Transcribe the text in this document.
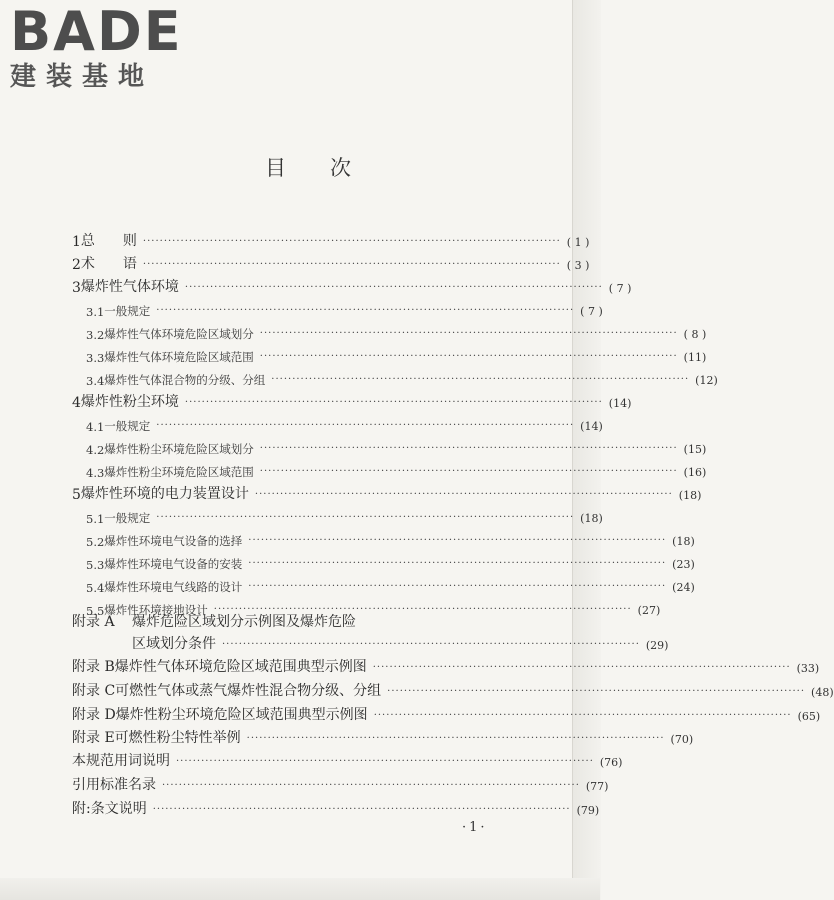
BADE
建装基地
目次
1 总　　则 ···································································································· ( 1 )
2 术　　语 ···································································································· ( 3 )
3 爆炸性气体环境 ···································································································· ( 7 )
3.1 一般规定 ···································································································· ( 7 )
3.2 爆炸性气体环境危险区域划分 ···································································································· ( 8 )
3.3 爆炸性气体环境危险区域范围 ···································································································· (11)
3.4 爆炸性气体混合物的分级、分组 ···································································································· (12)
4 爆炸性粉尘环境 ···································································································· (14)
4.1 一般规定 ···································································································· (14)
4.2 爆炸性粉尘环境危险区域划分 ···································································································· (15)
4.3 爆炸性粉尘环境危险区域范围 ···································································································· (16)
5 爆炸性环境的电力装置设计 ···································································································· (18)
5.1 一般规定 ···································································································· (18)
5.2 爆炸性环境电气设备的选择 ···································································································· (18)
5.3 爆炸性环境电气设备的安装 ···································································································· (23)
5.4 爆炸性环境电气线路的设计 ···································································································· (24)
5.5 爆炸性环境接地设计 ···································································································· (27)
附录 A	爆炸危险区域划分示例图及爆炸危险
区域划分条件 ···································································································· (29)
附录 B 爆炸性气体环境危险区域范围典型示例图 ···································································································· (33)
附录 C 可燃性气体或蒸气爆炸性混合物分级、分组 ···································································································· (48)
附录 D 爆炸性粉尘环境危险区域范围典型示例图 ···································································································· (65)
附录 E 可燃性粉尘特性举例 ···································································································· (70)
本规范用词说明 ···································································································· (76)
引用标准名录 ···································································································· (77)
附:条文说明 ···································································································· (79)
·1·
